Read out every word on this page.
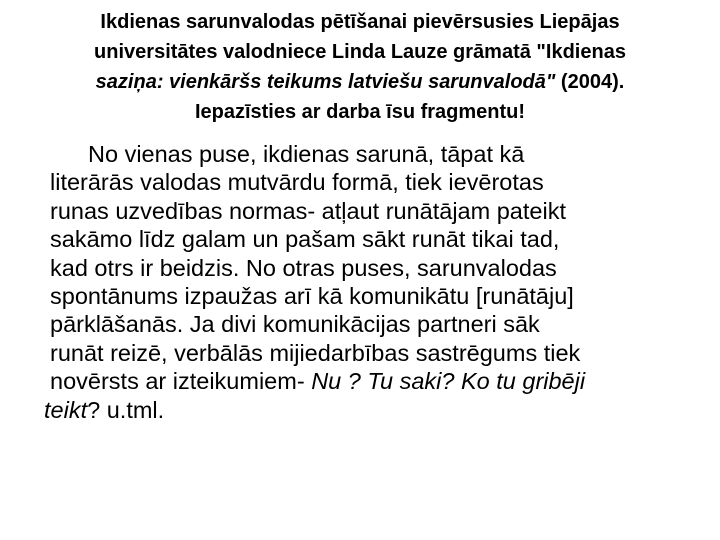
Ikdienas sarunvalodas pētīšanai pievērsusies Liepājas
universitātes valodniece Linda Lauze grāmatā "Ikdienas
saziņa: vienkāršs teikums latviešu sarunvalodā" (2004).
Iepazīsties ar darba īsu fragmentu!
No vienas puse, ikdienas sarunā, tāpat kā
literārās valodas mutvārdu formā, tiek ievērotas
runas uzvedības normas- atļaut runātājam pateikt
sakāmo līdz galam un pašam sākt runāt tikai tad,
kad otrs ir beidzis. No otras puses, sarunvalodas
spontānums izpaužas arī kā komunikātu [runātāju]
pārklāšanās. Ja divi komunikācijas partneri sāk
runāt reizē, verbālās mijiedarbības sastrēgums tiek
novērsts ar izteikumiem- Nu ? Tu saki? Ko tu gribēji
teikt? u.tml.
